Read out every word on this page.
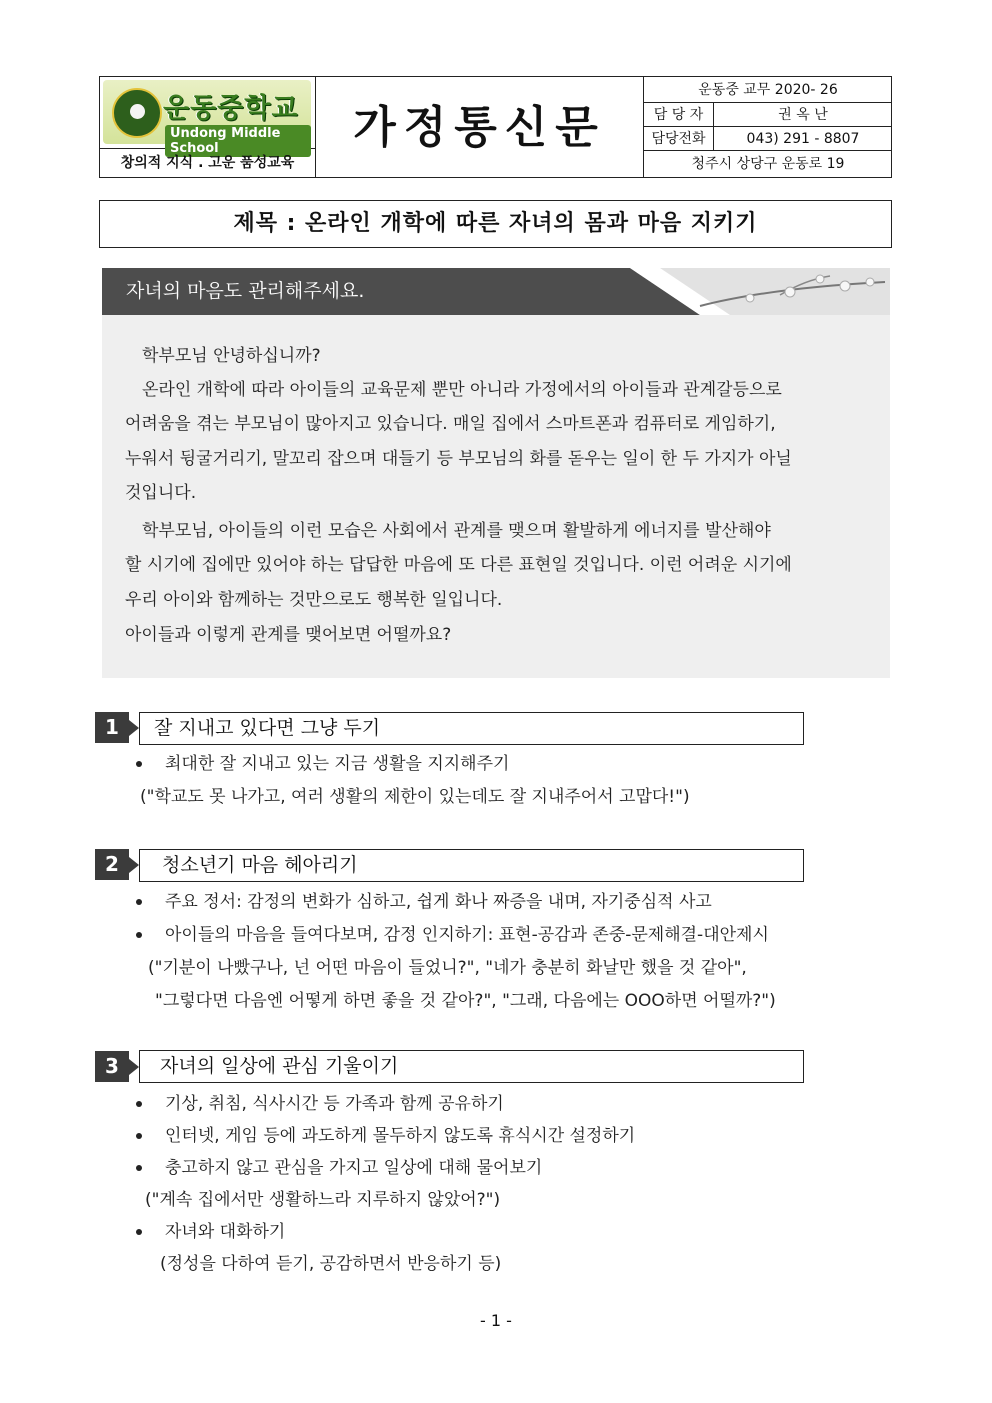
운동중학교
Undong Middle School
창의적 지식 . 고운 품성교육
가정통신문
운동중 교무 2020- 26
담 당 자	권 옥 난
담당전화	043) 291 - 8807
청주시 상당구 운동로 19
제목 : 온라인 개학에 따른 자녀의 몸과 마음 지키기
자녀의 마음도 관리해주세요.
학부모님 안녕하십니까?
온라인 개학에 따라 아이들의 교육문제 뿐만 아니라 가정에서의 아이들과 관계갈등으로
어려움을 겪는 부모님이 많아지고 있습니다. 매일 집에서 스마트폰과 컴퓨터로 게임하기,
누워서 뒹굴거리기, 말꼬리 잡으며 대들기 등 부모님의 화를 돋우는 일이 한 두 가지가 아닐
것입니다.
학부모님, 아이들의 이런 모습은 사회에서 관계를 맺으며 활발하게 에너지를 발산해야
할 시기에 집에만 있어야 하는 답답한 마음에 또 다른 표현일 것입니다. 이런 어려운 시기에
우리 아이와 함께하는 것만으로도 행복한 일입니다.
아이들과 이렇게 관계를 맺어보면 어떨까요?
1	잘 지내고 있다면 그냥 두기
최대한 잘 지내고 있는 지금 생활을 지지해주기
("학교도 못 나가고, 여러 생활의 제한이 있는데도 잘 지내주어서 고맙다!")
2	청소년기 마음 헤아리기
주요 정서: 감정의 변화가 심하고, 쉽게 화나 짜증을 내며, 자기중심적 사고
아이들의 마음을 들여다보며, 감정 인지하기: 표현-공감과 존중-문제해결-대안제시
("기분이 나빴구나, 넌 어떤 마음이 들었니?", "네가 충분히 화날만 했을 것 같아",
"그렇다면 다음엔 어떻게 하면 좋을 것 같아?", "그래, 다음에는 OOO하면 어떨까?")
3	자녀의 일상에 관심 기울이기
기상, 취침, 식사시간 등 가족과 함께 공유하기
인터넷, 게임 등에 과도하게 몰두하지 않도록 휴식시간 설정하기
충고하지 않고 관심을 가지고 일상에 대해 물어보기
("계속 집에서만 생활하느라 지루하지 않았어?")
자녀와 대화하기
(정성을 다하여 듣기, 공감하면서 반응하기 등)
- 1 -
